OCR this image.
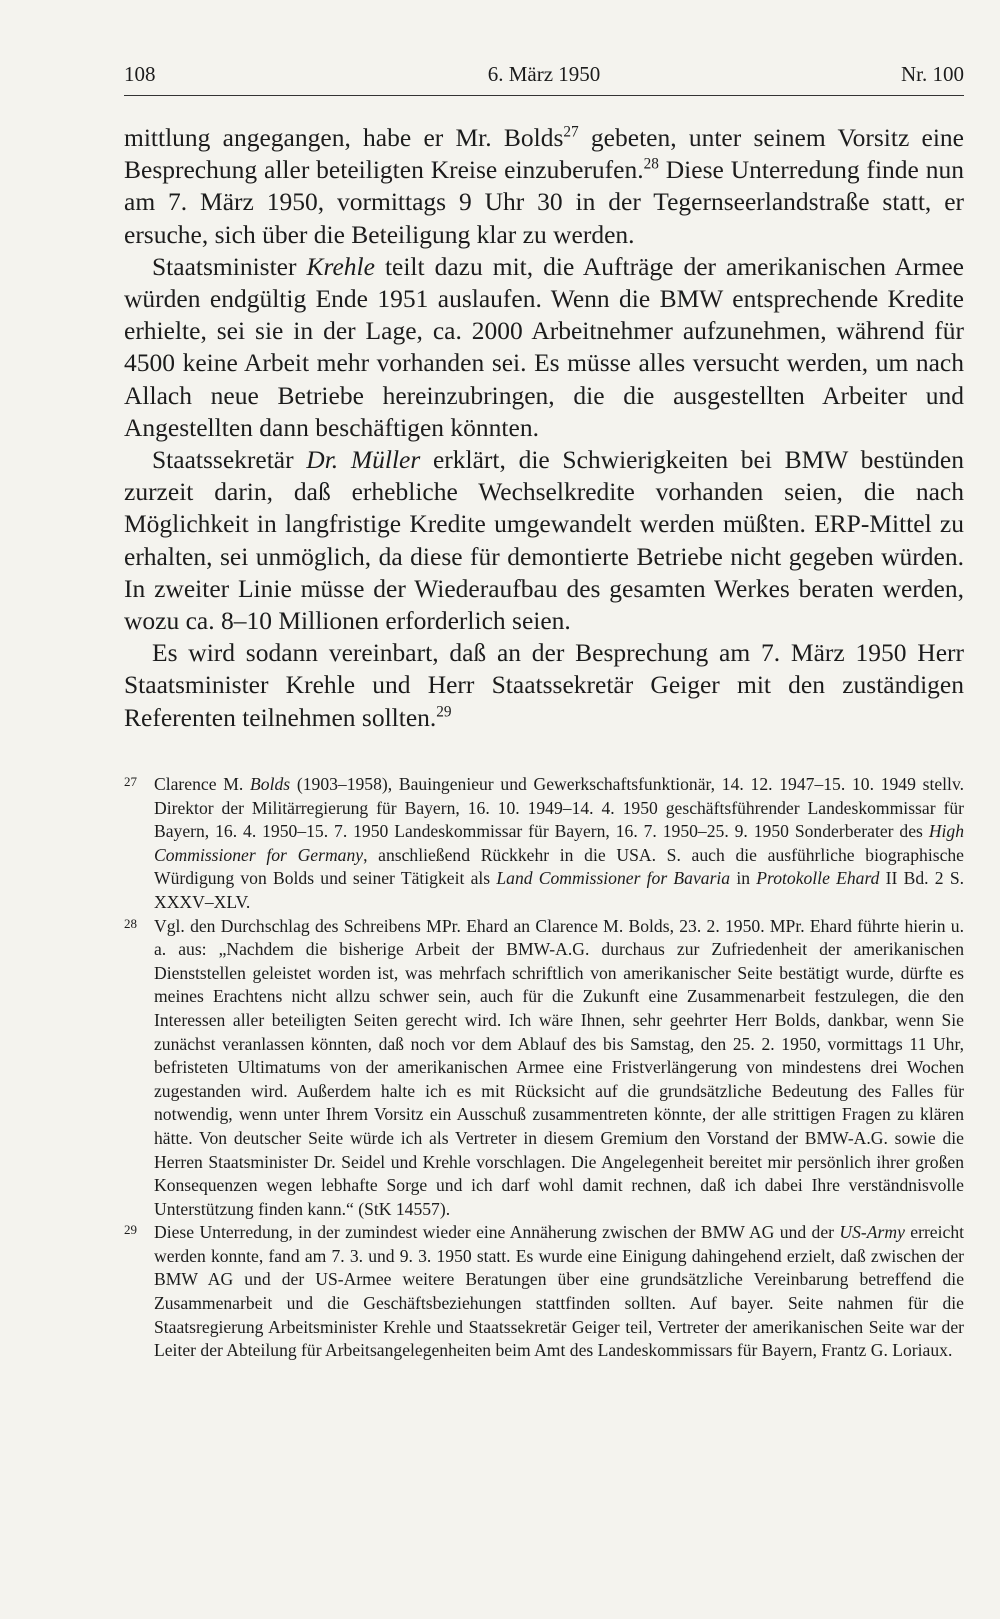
108	6. März 1950	Nr. 100

mittlung angegangen, habe er Mr. Bolds$^{27}$ gebeten, unter seinem Vorsitz eine Besprechung aller beteiligten Kreise einzuberufen.$^{28}$ Diese Unterredung finde nun am 7. März 1950, vormittags 9 Uhr 30 in der Tegernseerlandstraße statt, er ersuche, sich über die Beteiligung klar zu werden.

Staatsminister Krehle teilt dazu mit, die Aufträge der amerikanischen Armee würden endgültig Ende 1951 auslaufen. Wenn die BMW entsprechende Kredite erhielte, sei sie in der Lage, ca. 2000 Arbeitnehmer aufzunehmen, während für 4500 keine Arbeit mehr vorhanden sei. Es müsse alles versucht werden, um nach Allach neue Betriebe hereinzubringen, die die ausgestellten Arbeiter und Angestellten dann beschäftigen könnten.

Staatssekretär Dr. Müller erklärt, die Schwierigkeiten bei BMW bestünden zurzeit darin, daß erhebliche Wechselkredite vorhanden seien, die nach Möglichkeit in langfristige Kredite umgewandelt werden müßten. ERP-Mittel zu erhalten, sei unmöglich, da diese für demontierte Betriebe nicht gegeben würden. In zweiter Linie müsse der Wiederaufbau des gesamten Werkes beraten werden, wozu ca. 8–10 Millionen erforderlich seien.

Es wird sodann vereinbart, daß an der Besprechung am 7. März 1950 Herr Staatsminister Krehle und Herr Staatssekretär Geiger mit den zuständigen Referenten teilnehmen sollten.$^{29}$

27 Clarence M. Bolds (1903–1958), Bauingenieur und Gewerkschaftsfunktionär, 14. 12. 1947–15. 10. 1949 stellv. Direktor der Militärregierung für Bayern, 16. 10. 1949–14. 4. 1950 geschäftsführender Landeskommissar für Bayern, 16. 4. 1950–15. 7. 1950 Landeskommissar für Bayern, 16. 7. 1950–25. 9. 1950 Sonderberater des High Commissioner for Germany, anschließend Rückkehr in die USA. S. auch die ausführliche biographische Würdigung von Bolds und seiner Tätigkeit als Land Commissioner for Bavaria in Protokolle Ehard II Bd. 2 S. XXXV–XLV.

28 Vgl. den Durchschlag des Schreibens MPr. Ehard an Clarence M. Bolds, 23. 2. 1950. MPr. Ehard führte hierin u. a. aus: „Nachdem die bisherige Arbeit der BMW-A.G. durchaus zur Zufriedenheit der amerikanischen Dienststellen geleistet worden ist, was mehrfach schriftlich von amerikanischer Seite bestätigt wurde, dürfte es meines Erachtens nicht allzu schwer sein, auch für die Zukunft eine Zusammenarbeit festzulegen, die den Interessen aller beteiligten Seiten gerecht wird. Ich wäre Ihnen, sehr geehrter Herr Bolds, dankbar, wenn Sie zunächst veranlassen könnten, daß noch vor dem Ablauf des bis Samstag, den 25. 2. 1950, vormittags 11 Uhr, befristeten Ultimatums von der amerikanischen Armee eine Fristverlängerung von mindestens drei Wochen zugestanden wird. Außerdem halte ich es mit Rücksicht auf die grundsätzliche Bedeutung des Falles für notwendig, wenn unter Ihrem Vorsitz ein Ausschuß zusammentreten könnte, der alle strittigen Fragen zu klären hätte. Von deutscher Seite würde ich als Vertreter in diesem Gremium den Vorstand der BMW-A.G. sowie die Herren Staatsminister Dr. Seidel und Krehle vorschlagen. Die Angelegenheit bereitet mir persönlich ihrer großen Konsequenzen wegen lebhafte Sorge und ich darf wohl damit rechnen, daß ich dabei Ihre verständnisvolle Unterstützung finden kann.“ (StK 14557).

29 Diese Unterredung, in der zumindest wieder eine Annäherung zwischen der BMW AG und der US-Army erreicht werden konnte, fand am 7. 3. und 9. 3. 1950 statt. Es wurde eine Einigung dahingehend erzielt, daß zwischen der BMW AG und der US-Armee weitere Beratungen über eine grundsätzliche Vereinbarung betreffend die Zusammenarbeit und die Geschäftsbeziehungen stattfinden sollten. Auf bayer. Seite nahmen für die Staatsregierung Arbeitsminister Krehle und Staatssekretär Geiger teil, Vertreter der amerikanischen Seite war der Leiter der Abteilung für Arbeitsangelegenheiten beim Amt des Landeskommissars für Bayern, Frantz G. Loriaux.
